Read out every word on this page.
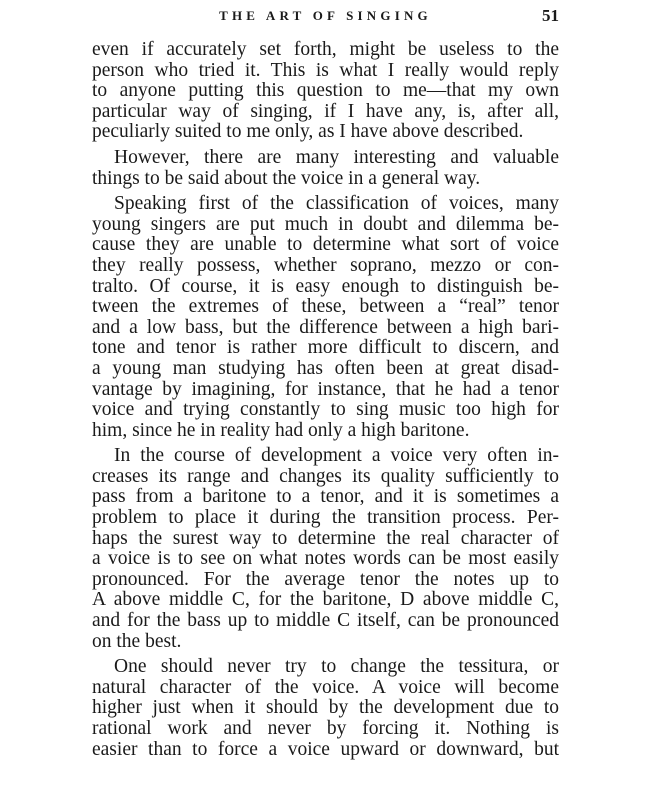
THE ART OF SINGING	51

even if accurately set forth, might be useless to the

person who tried it. This is what I really would reply

to anyone putting this question to me—that my own

particular way of singing, if I have any, is, after all,

peculiarly suited to me only, as I have above described.

However, there are many interesting and valuable

things to be said about the voice in a general way.

Speaking first of the classification of voices, many

young singers are put much in doubt and dilemma be-

cause they are unable to determine what sort of voice

they really possess, whether soprano, mezzo or con-

tralto. Of course, it is easy enough to distinguish be-

tween the extremes of these, between a “real” tenor

and a low bass, but the difference between a high bari-

tone and tenor is rather more difficult to discern, and

a young man studying has often been at great disad-

vantage by imagining, for instance, that he had a tenor

voice and trying constantly to sing music too high for

him, since he in reality had only a high baritone.

In the course of development a voice very often in-

creases its range and changes its quality sufficiently to

pass from a baritone to a tenor, and it is sometimes a

problem to place it during the transition process. Per-

haps the surest way to determine the real character of

a voice is to see on what notes words can be most easily

pronounced. For the average tenor the notes up to

A above middle C, for the baritone, D above middle C,

and for the bass up to middle C itself, can be pronounced

on the best.

One should never try to change the tessitura, or

natural character of the voice. A voice will become

higher just when it should by the development due to

rational work and never by forcing it. Nothing is

easier than to force a voice upward or downward, but
